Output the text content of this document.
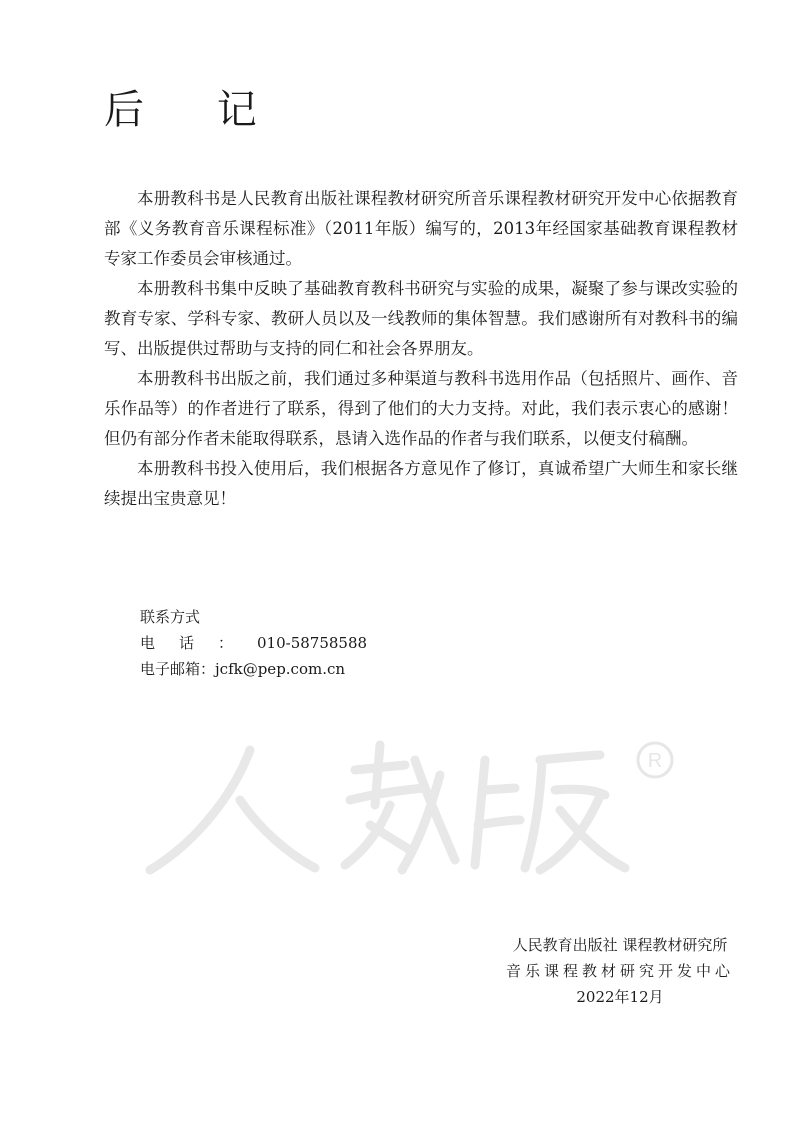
后 记

本册教科书是人民教育出版社课程教材研究所音乐课程教材研究开发中心依据教育部《义务教育音乐课程标准》（2011年版）编写的，2013年经国家基础教育课程教材专家工作委员会审核通过。

本册教科书集中反映了基础教育教科书研究与实验的成果，凝聚了参与课改实验的教育专家、学科专家、教研人员以及一线教师的集体智慧。我们感谢所有对教科书的编写、出版提供过帮助与支持的同仁和社会各界朋友。

本册教科书出版之前，我们通过多种渠道与教科书选用作品（包括照片、画作、音乐作品等）的作者进行了联系，得到了他们的大力支持。对此，我们表示衷心的感谢！但仍有部分作者未能取得联系，恳请入选作品的作者与我们联系，以便支付稿酬。

本册教科书投入使用后，我们根据各方意见作了修订，真诚希望广大师生和家长继续提出宝贵意见！

联系方式
电话：010-58758588
电子邮箱：jcfk@pep.com.cn
R
人民教育出版社 课程教材研究所
音乐课程教材研究开发中心
2022年12月
